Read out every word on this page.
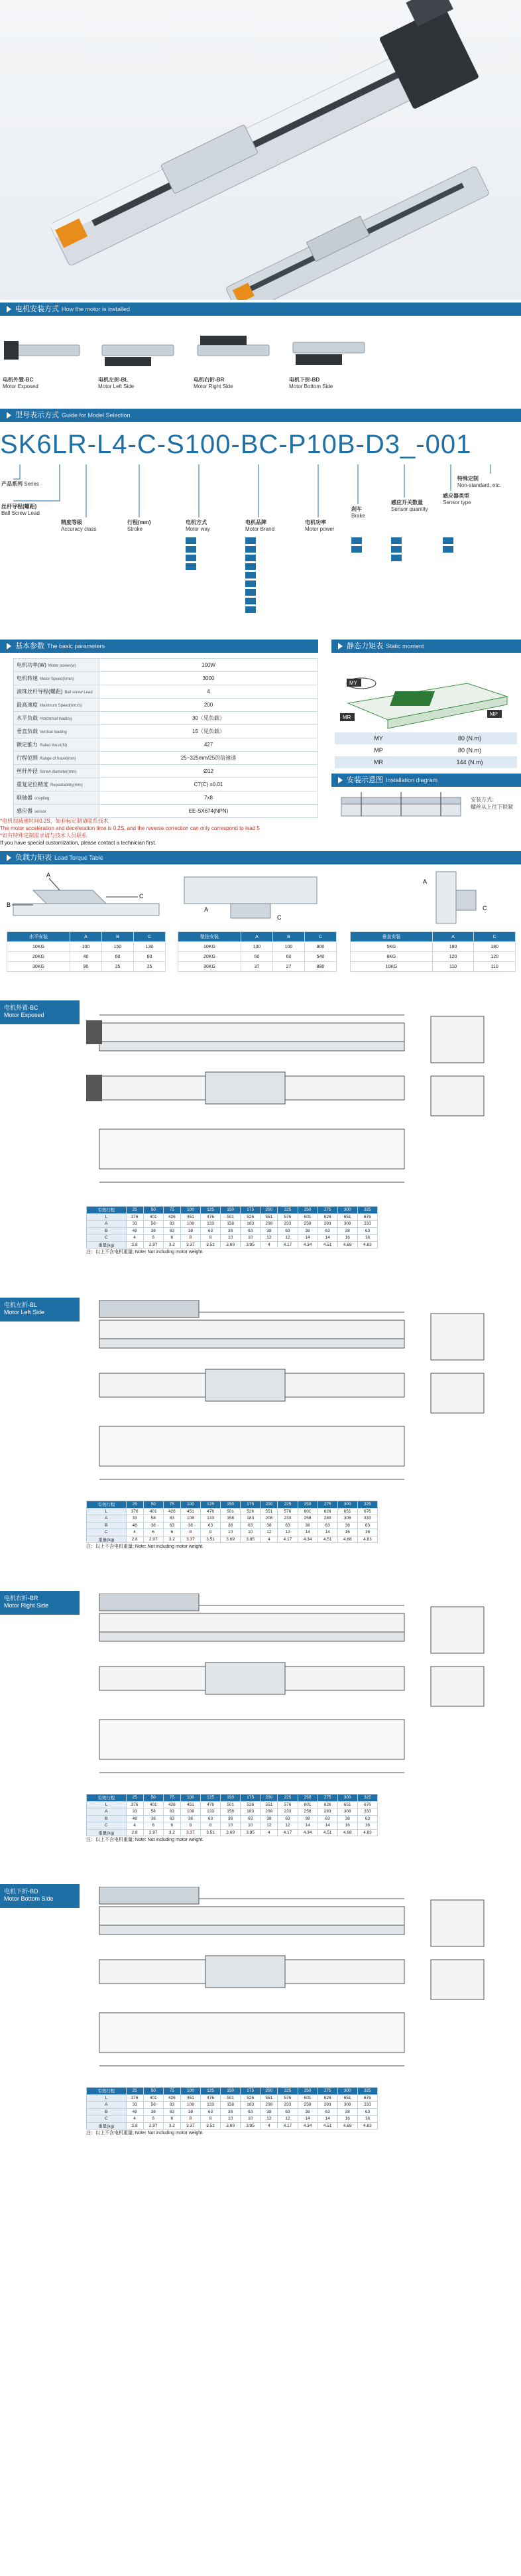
电机安装方式 How the motor is installed
电机外置-BC
Motor Exposed
电机左折-BL
Motor Left Side
电机右折-BR
Motor Right Side
电机下折-BD
Motor Bottom Side
型号表示方式 Guide for Model Selection
SK6LR-L4-C-S100-BC-P10B-D3_-001
产品系列 Series
丝杆导程(螺距)
Ball Screw Lead
精度等级
Accuracy class
行程(mm)
Stroke
电机方式
Motor way
电机品牌
Motor Brand
电机功率
Motor power
刹车
Brake
感应开关数量
Sensor quantity
感应器类型
Sensor type
特殊定制
Non-standard, etc.
基本参数 The basic parameters
电机功率(W) Motor power(w)	100W
电机转速 Motor Speed(r/min)	3000
滚珠丝杆导程(螺距) Ball screw Lead	4
最高速度 Maximum Speed(mm/s)	200
水平负载 Horizontal loading	30（见负载）
垂直负载 Vertical loading	15（见负载）
额定推力 Rated thrust(N)	427
行程范围 Range of travel(mm)	25~325mm/25的倍速递
丝杆外径 Screw diameter(mm)	Ø12
重复定位精度 Repeatability(mm)	C7(C) ±0.01
联轴器 coupling	7x8
感应器 sensor	EE-SX674(NPN)
*电机加减速时间0.2S，如非标定制请联系技术
The motor acceleration and deceleration time is 0.2S, and the reverse correction can only correspond to lead 5
*如有特殊定制需求请与技术人员联系
If you have special customization, please contact a technician first.
静态力矩表 Static moment
MY
MR
MP
MY	80 (N.m)
MP	80 (N.m)
MR	144 (N.m)
安装示意图 Installation diagram
安装方式：
螺丝从上往下锁紧
负载力矩表 Load Torque Table
A
B
C
A
C
A
C
水平安装	A	B	C
10KG	100	150	130
20KG	40	60	60
30KG	90	25	25
壁挂安装	A	B	C
10KG	130	100	900
20KG	60	60	540
30KG	37	27	880
垂直安装	A	C
5KG	180	180
8KG	120	120
10KG	110	110
电机外置-BC
Motor Exposed
有效行程	25	50	75	100	125	150	175	200	225	250	275	300	325
L	376	401	426	451	476	501	526	551	576	601	626	651	676
A	33	58	83	108	133	158	183	208	233	258	283	308	333
B	48	38	63	38	63	38	63	38	63	38	63	38	63
C	4	6	6	8	8	10	10	12	12	14	14	16	16
重量(kg)	2.8	2.97	3.2	3.37	3.51	3.69	3.85	4	4.17	4.34	4.51	4.68	4.83
注：以上不含电机重量; Note: Not including motor weight.
电机左折-BL
Motor Left Side
有效行程	25	50	75	100	125	150	175	200	225	250	275	300	325
L	376	401	426	451	476	501	526	551	576	601	626	651	676
A	33	58	83	108	133	158	183	208	233	258	283	308	333
B	48	38	63	38	63	38	63	38	63	38	63	38	63
C	4	6	6	8	8	10	10	12	12	14	14	16	16
重量(kg)	2.8	2.97	3.2	3.37	3.51	3.69	3.85	4	4.17	4.34	4.51	4.68	4.83
注：以上不含电机重量; Note: Not including motor weight.
电机右折-BR
Motor Right Side
有效行程	25	50	75	100	125	150	175	200	225	250	275	300	325
L	376	401	426	451	476	501	526	551	576	601	626	651	676
A	33	58	83	108	133	158	183	208	233	258	283	308	333
B	48	38	63	38	63	38	63	38	63	38	63	38	63
C	4	6	6	8	8	10	10	12	12	14	14	16	16
重量(kg)	2.8	2.97	3.2	3.37	3.51	3.69	3.85	4	4.17	4.34	4.51	4.68	4.83
注：以上不含电机重量; Note: Not including motor weight.
电机下折-BD
Motor Bottom Side
有效行程	25	50	75	100	125	150	175	200	225	250	275	300	325
L	376	401	426	451	476	501	526	551	576	601	626	651	676
A	33	58	83	108	133	158	183	208	233	258	283	308	333
B	48	38	63	38	63	38	63	38	63	38	63	38	63
C	4	6	6	8	8	10	10	12	12	14	14	16	16
重量(kg)	2.8	2.97	3.2	3.37	3.51	3.69	3.85	4	4.17	4.34	4.51	4.68	4.83
注：以上不含电机重量; Note: Not including motor weight.
